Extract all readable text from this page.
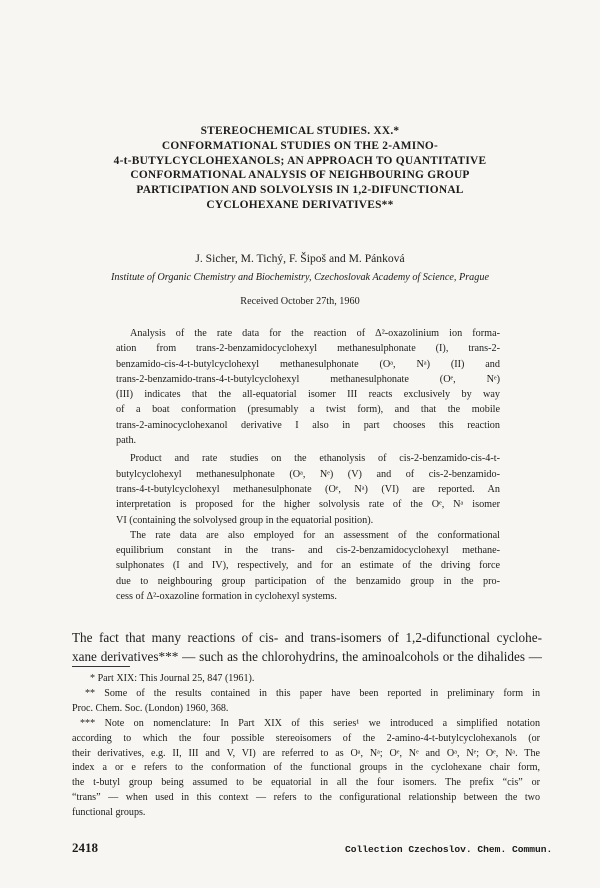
STEREOCHEMICAL STUDIES. XX.*
CONFORMATIONAL STUDIES ON THE 2-AMINO-
4-t-BUTYLCYCLOHEXANOLS; AN APPROACH TO QUANTITATIVE
CONFORMATIONAL ANALYSIS OF NEIGHBOURING GROUP
PARTICIPATION AND SOLVOLYSIS IN 1,2-DIFUNCTIONAL
CYCLOHEXANE DERIVATIVES**
J. Sicher, M. Tichý, F. Šipoš and M. Pánková
Institute of Organic Chemistry and Biochemistry, Czechoslovak Academy of Science, Prague
Received October 27th, 1960
Analysis of the rate data for the reaction of Δ²-oxazolinium ion forma-
ation from trans-2-benzamidocyclohexyl methanesulphonate (I), trans-2-
benzamido-cis-4-t-butylcyclohexyl methanesulphonate (Oᵃ, Nᵃ) (II) and
trans-2-benzamido-trans-4-t-butylcyclohexyl methanesulphonate (Oᵉ, Nᵉ)
(III) indicates that the all-equatorial isomer III reacts exclusively by way
of a boat conformation (presumably a twist form), and that the mobile
trans-2-aminocyclohexanol derivative I also in part chooses this reaction
path.
Product and rate studies on the ethanolysis of cis-2-benzamido-cis-4-t-
butylcyclohexyl methanesulphonate (Oᵃ, Nᵉ) (V) and of cis-2-benzamido-
trans-4-t-butylcyclohexyl methanesulphonate (Oᵉ, Nᵃ) (VI) are reported. An
interpretation is proposed for the higher solvolysis rate of the Oᵉ, Nᵃ isomer
VI (containing the solvolysed group in the equatorial position).
The rate data are also employed for an assessment of the conformational
equilibrium constant in the trans- and cis-2-benzamidocyclohexyl methane-
sulphonates (I and IV), respectively, and for an estimate of the driving force
due to neighbouring group participation of the benzamido group in the pro-
cess of Δ²-oxazoline formation in cyclohexyl systems.
The fact that many reactions of cis- and trans-isomers of 1,2-difunctional cyclohe-
xane derivatives*** — such as the chlorohydrins, the aminoalcohols or the dihalides —
* Part XIX: This Journal 25, 847 (1961).
** Some of the results contained in this paper have been reported in preliminary form in
Proc. Chem. Soc. (London) 1960, 368.
*** Note on nomenclature: In Part XIX of this series¹ we introduced a simplified notation
according to which the four possible stereoisomers of the 2-amino-4-t-butylcyclohexanols (or
their derivatives, e.g. II, III and V, VI) are referred to as Oᵃ, Nᵃ; Oᵉ, Nᵉ and Oᵃ, Nᵉ; Oᵉ, Nᵃ. The
index a or e refers to the conformation of the functional groups in the cyclohexane chair form,
the t-butyl group being assumed to be equatorial in all the four isomers. The prefix “cis” or
“trans” — when used in this context — refers to the configurational relationship between the two
functional groups.
2418	Collection Czechoslov. Chem. Commun.
